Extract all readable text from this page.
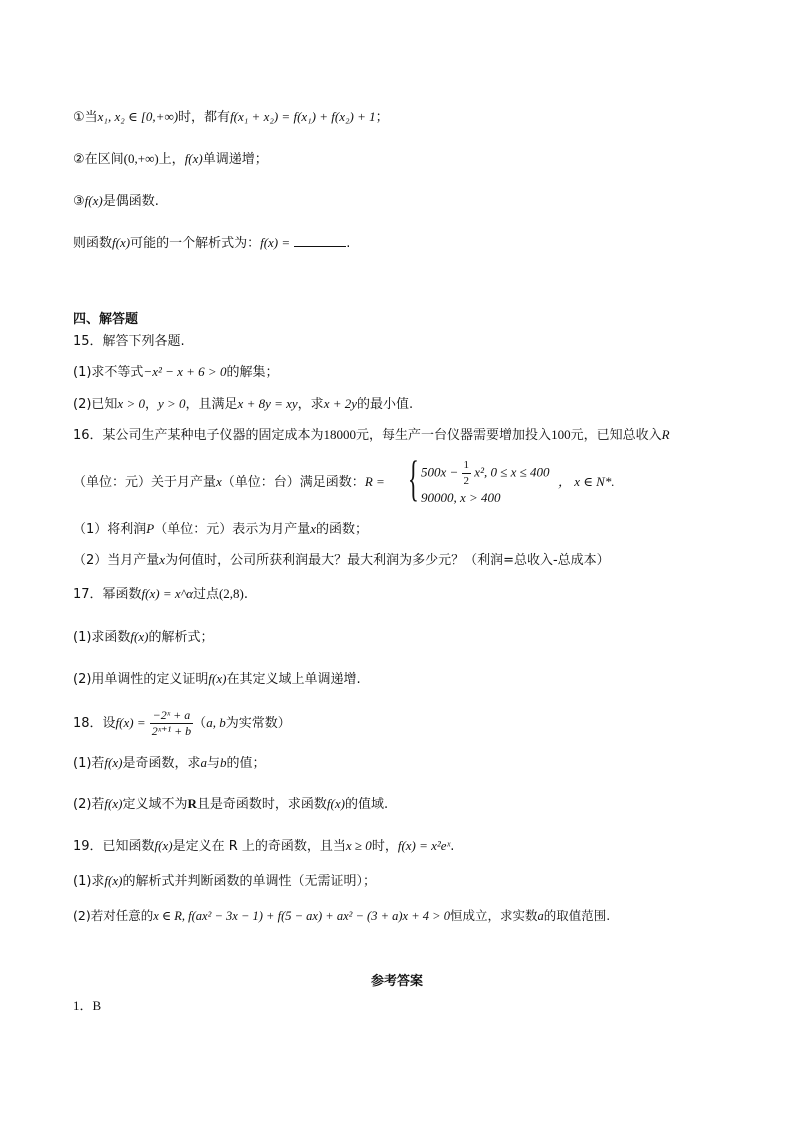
①当x₁, x₂ ∈ [0,+∞)时，都有f(x₁ + x₂) = f(x₁) + f(x₂) + 1；
②在区间(0,+∞)上，f(x)单调递增；
③f(x)是偶函数.
则函数f(x)可能的一个解析式为：f(x) =	.
四、解答题
15．解答下列各题.
(1)求不等式−x² − x + 6 > 0的解集；
(2)已知x > 0，y > 0，且满足x + 8y = xy，求x + 2y的最小值.
16．某公司生产某种电子仪器的固定成本为18000元，每生产一台仪器需要增加投入100元，已知总收入R
（单位：元）关于月产量x（单位：台）满足函数：R = { $500x - \frac{1}{2} x^2$, 0 ≤ x ≤ 400
90000, x > 400
， x ∈ N*.
（1）将利润P（单位：元）表示为月产量x的函数；
（2）当月产量x为何值时，公司所获利润最大？最大利润为多少元？（利润=总收入-总成本）
17．幂函数f(x) = x^α过点(2,8).
(1)求函数f(x)的解析式；
(2)用单调性的定义证明f(x)在其定义域上单调递增.
18．设$f(x) = \frac{\text{−2ˣ + a}}{\text{2ˣ⁺¹ + b}} (a$, b为实常数）
(1)若f(x)是奇函数，求a与b的值；
(2)若f(x)定义域不为R且是奇函数时，求函数f(x)的值域.
19．已知函数f(x)是定义在 R 上的奇函数，且当x ≥ 0时，f(x) = x²eˣ.
(1)求f(x)的解析式并判断函数的单调性（无需证明）；
(2)若对任意的x ∈ R, f(ax² − 3x − 1) + f(5 − ax) + ax² − (3 + a)x + 4 > 0恒成立，求实数a的取值范围.
参考答案
1．B
